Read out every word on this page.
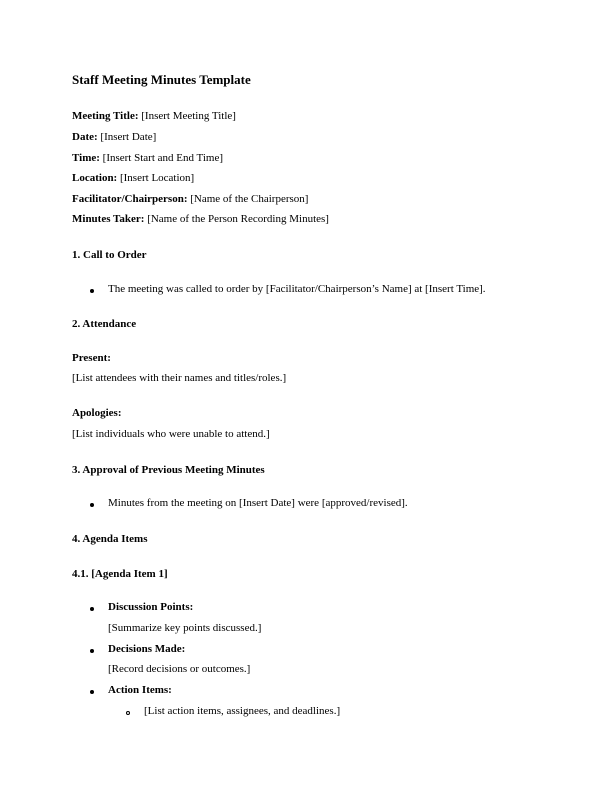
Staff Meeting Minutes Template
Meeting Title: [Insert Meeting Title]
Date: [Insert Date]
Time: [Insert Start and End Time]
Location: [Insert Location]
Facilitator/Chairperson: [Name of the Chairperson]
Minutes Taker: [Name of the Person Recording Minutes]
1. Call to Order
The meeting was called to order by [Facilitator/Chairperson’s Name] at [Insert Time].
2. Attendance
Present:
[List attendees with their names and titles/roles.]
Apologies:
[List individuals who were unable to attend.]
3. Approval of Previous Meeting Minutes
Minutes from the meeting on [Insert Date] were [approved/revised].
4. Agenda Items
4.1. [Agenda Item 1]
Discussion Points:
[Summarize key points discussed.]
Decisions Made:
[Record decisions or outcomes.]
Action Items:
[List action items, assignees, and deadlines.]
